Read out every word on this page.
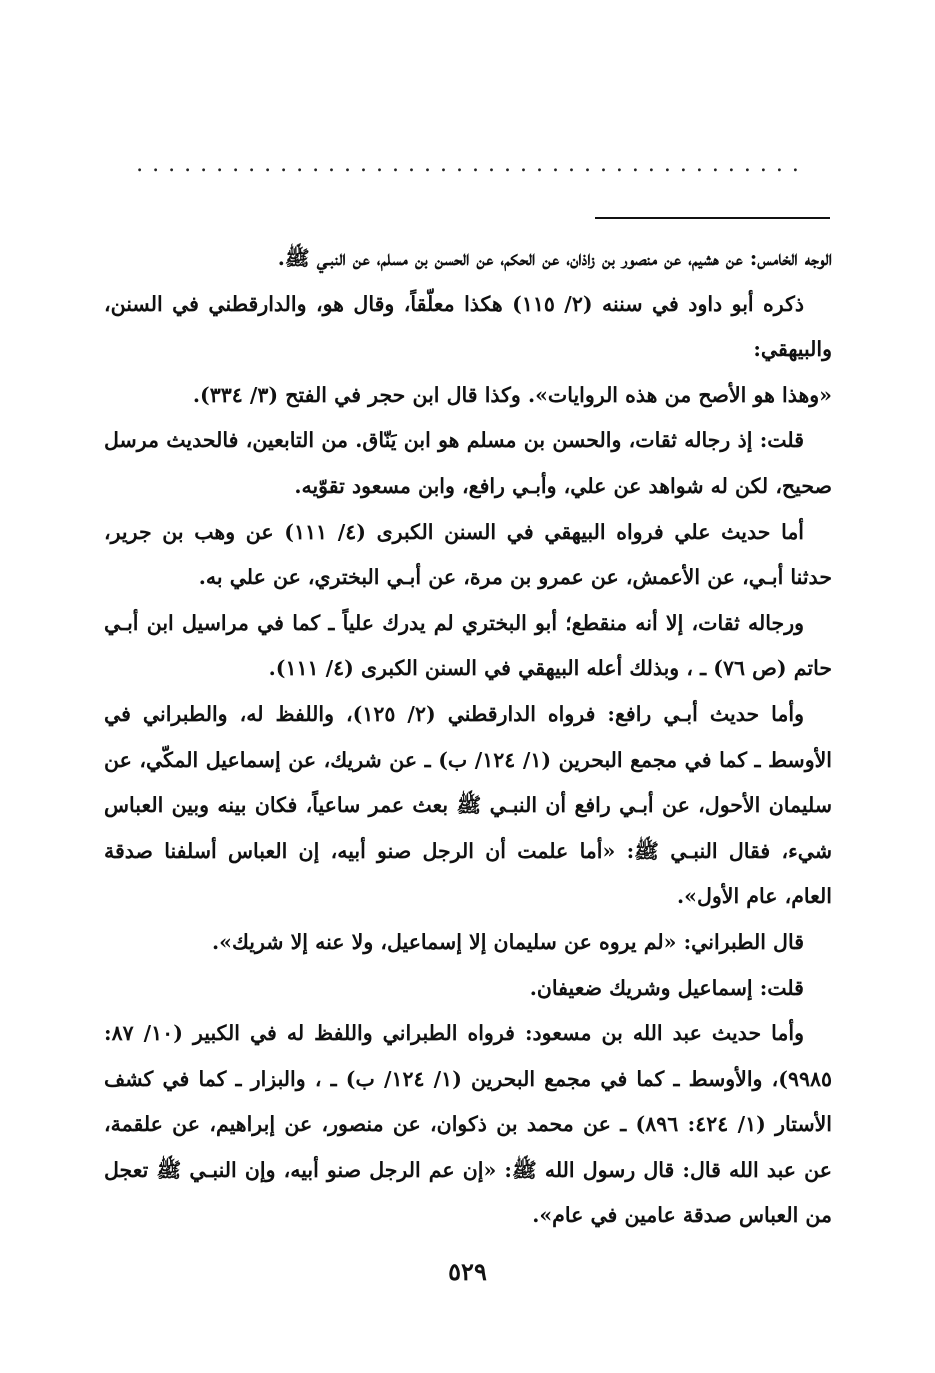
..........................................

الوجه الخامس: عن هشيم، عن منصور بن زاذان، عن الحكم، عن الحسن بن مسلم، عن النبـي ﷺ.

ذكره أبو داود في سننه (٢/ ١١٥) هكذا معلّقاً، وقال هو، والدارقطني في السنن، والبيهقي:

«وهذا هو الأصح من هذه الروايات». وكذا قال ابن حجر في الفتح (٣/ ٣٣٤).

قلت: إذ رجاله ثقات، والحسن بن مسلم هو ابن يَنّاق. من التابعين، فالحديث مرسل صحيح، لكن له شواهد عن علي، وأبـي رافع، وابن مسعود تقوّيه.

أما حديث علي فرواه البيهقي في السنن الكبرى (٤/ ١١١) عن وهب بن جرير، حدثنا أبـي، عن الأعمش، عن عمرو بن مرة، عن أبـي البختري، عن علي به.

ورجاله ثقات، إلا أنه منقطع؛ أبو البختري لم يدرك علياً ـ كما في مراسيل ابن أبـي حاتم (ص ٧٦) ـ ، وبذلك أعله البيهقي في السنن الكبرى (٤/ ١١١).

وأما حديث أبـي رافع: فرواه الدارقطني (٢/ ١٢٥)، واللفظ له، والطبراني في الأوسط ـ كما في مجمع البحرين (١/ ١٢٤/ ب) ـ عن شريك، عن إسماعيل المكّي، عن سليمان الأحول، عن أبـي رافع أن النبـي ﷺ بعث عمر ساعياً، فكان بينه وبين العباس شيء، فقال النبـي ﷺ: «أما علمت أن الرجل صنو أبيه، إن العباس أسلفنا صدقة العام، عام الأول».

قال الطبراني: «لم يروه عن سليمان إلا إسماعيل، ولا عنه إلا شريك».

قلت: إسماعيل وشريك ضعيفان.

وأما حديث عبد الله بن مسعود: فرواه الطبراني واللفظ له في الكبير (١٠/ ٨٧: ٩٩٨٥)، والأوسط ـ كما في مجمع البحرين (١/ ١٢٤/ ب) ـ ، والبزار ـ كما في كشف الأستار (١/ ٤٢٤: ٨٩٦) ـ عن محمد بن ذكوان، عن منصور، عن إبراهيم، عن علقمة، عن عبد الله قال: قال رسول الله ﷺ: «إن عم الرجل صنو أبيه، وإن النبـي ﷺ تعجل من العباس صدقة عامين في عام».

٥٢٩
